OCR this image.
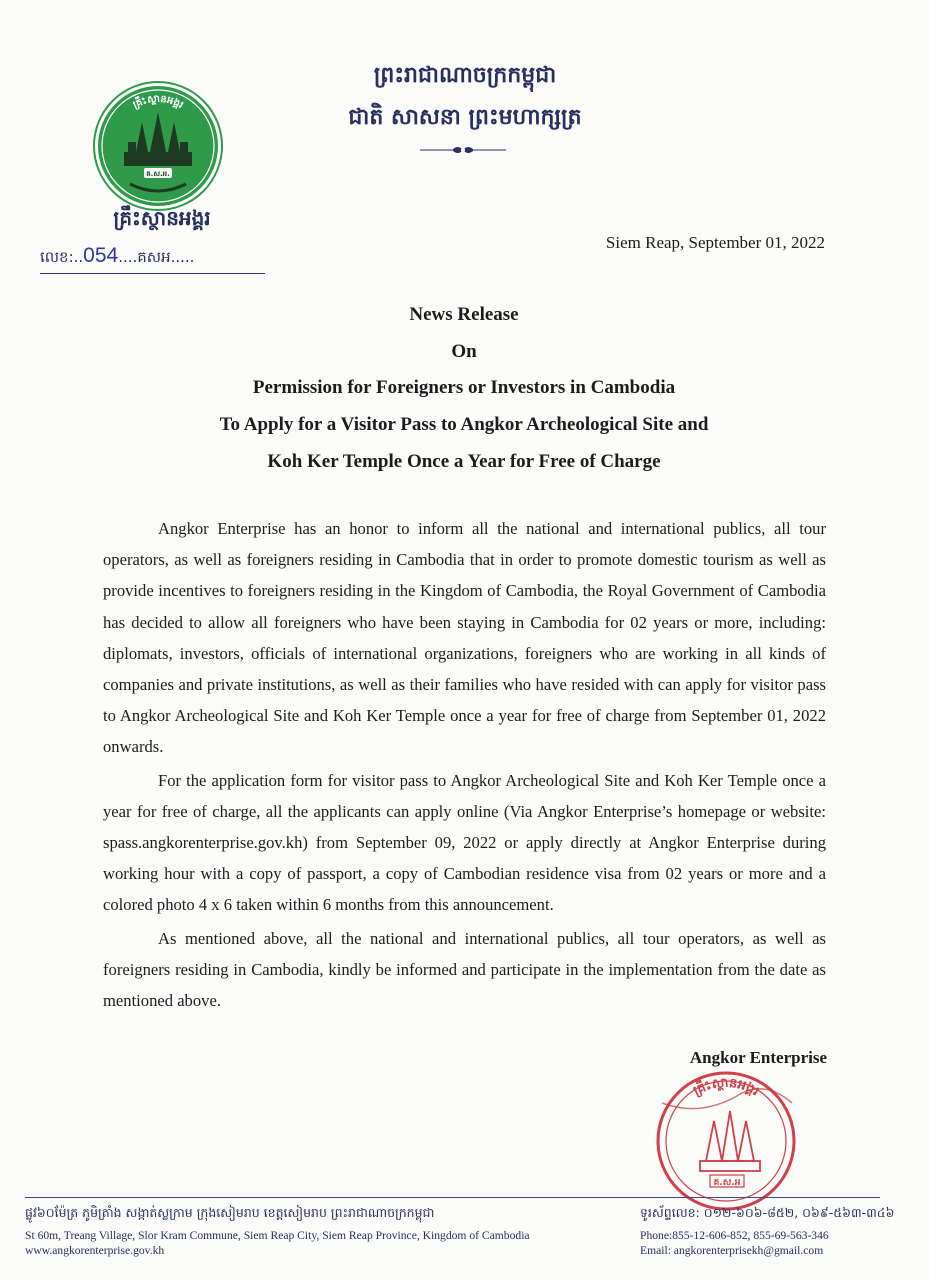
គ្រឹះស្ថានអង្គរ
គ.ស.អ.
គ្រឹះស្ថានអង្គរ
លេខ:..054....គសអ.....
ព្រះរាជាណាចក្រកម្ពុជា
ជាតិ សាសនា ព្រះមហាក្សត្រ
Siem Reap, September 01, 2022
News Release
On
Permission for Foreigners or Investors in Cambodia
To Apply for a Visitor Pass to Angkor Archeological Site and
Koh Ker Temple Once a Year for Free of Charge

Angkor Enterprise has an honor to inform all the national and international publics, all tour operators, as well as foreigners residing in Cambodia that in order to promote domestic tourism as well as provide incentives to foreigners residing in the Kingdom of Cambodia, the Royal Government of Cambodia has decided to allow all foreigners who have been staying in Cambodia for 02 years or more, including: diplomats, investors, officials of international organizations, foreigners who are working in all kinds of companies and private institutions, as well as their families who have resided with can apply for visitor pass to Angkor Archeological Site and Koh Ker Temple once a year for free of charge from September 01, 2022 onwards.

For the application form for visitor pass to Angkor Archeological Site and Koh Ker Temple once a year for free of charge, all the applicants can apply online (Via Angkor Enterprise’s homepage or website: spass.angkorenterprise.gov.kh) from September 09, 2022 or apply directly at Angkor Enterprise during working hour with a copy of passport, a copy of Cambodian residence visa from 02 years or more and a colored photo 4 x 6 taken within 6 months from this announcement.

As mentioned above, all the national and international publics, all tour operators, as well as foreigners residing in Cambodia, kindly be informed and participate in the implementation from the date as mentioned above.

Angkor Enterprise
គ្រឹះស្ថានអង្គរ
គ.ស.អ
ផ្លូវ៦០ម៉ែត្រ ភូមិត្រាំង សង្កាត់ស្លក្រាម ក្រុងសៀមរាប ខេត្តសៀមរាប ព្រះរាជាណាចក្រកម្ពុជា
St 60m, Treang Village, Slor Kram Commune, Siem Reap City, Siem Reap Province, Kingdom of Cambodia
www.angkorenterprise.gov.kh
ទូរស័ព្ទលេខ: ០១២-៦០៦-៨៥២, ០៦៩-៥៦៣-៣៤៦
Phone:855-12-606-852, 855-69-563-346
Email: angkorenterprisekh@gmail.com
